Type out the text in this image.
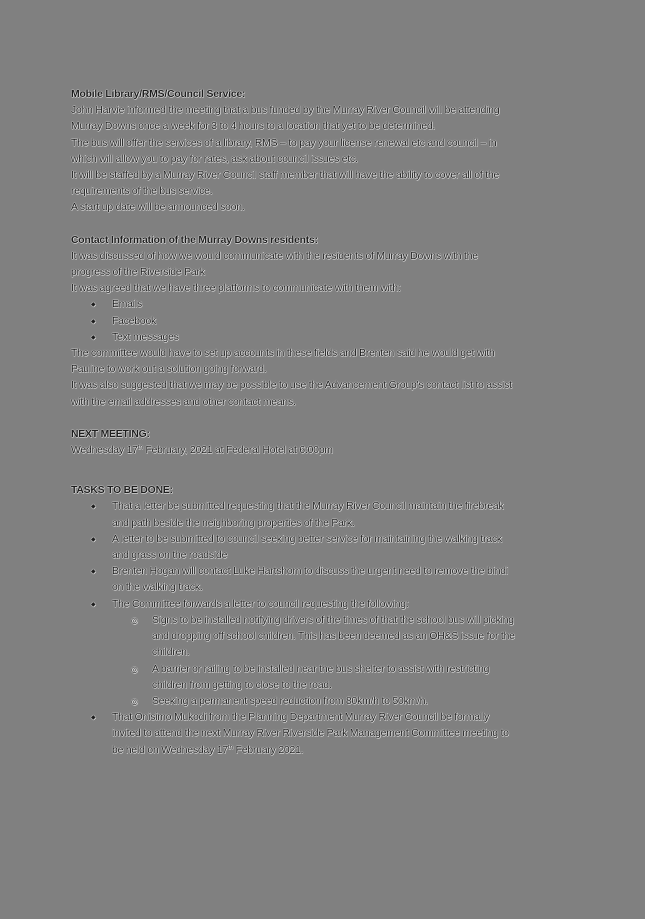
Mobile Library/RMS/Council Service:

John Harvie informed the meeting that a bus funded by the Murray River Council will be attending

Murray Downs once a week for 3 to 4 hours to a location that yet to be determined.

The bus will offer the services of a library, RMS – to pay your license renewal etc and council – in

which will allow you to pay for rates, ask about council issues etc.

It will be staffed by a Murray River Council staff member that will have the ability to cover all of the

requirements of the bus service.

A start up date will be announced soon.

Contact Information of the Murray Downs residents:

It was discussed of how we would communicate with the residents of Murray Downs with the

progress of the Riverside Park

It was agreed that we have three platforms to communicate with them with:

◆ Emails
◆ Facebook
◆ Text messages

The committee would have to set up accounts in these fields and Brenten said he would get with

Pauline to work out a solution going forward.

It was also suggested that we may be possible to use the Advancement Group's contact list to assist

with the email addresses and other contact means.

NEXT MEETING:

Wednesday 17th February, 2021 at Federal Hotel at 6:00pm

TASKS TO BE DONE:

◆ That a letter be submitted requesting that the Murray River Council maintain the firebreak
and path beside the neighboring properties of the Park.
◆ A letter to be submitted to council seeking better service for maintaining the walking track
and grass on the roadside
◆ Brenten Hogan will contact Luke Hartshorn to discuss the urgent need to remove the bindi
on the walking track.
◆ The Committee forwards a letter to council requesting the following:
◎ Signs to be installed notifying drivers of the times of that the school bus will picking
and dropping off school children. This has been deemed as an OH&S issue for the
children.
◎ A barrier or railing to be installed near the bus shelter to assist with restricting
children from getting to close to the road.
◎ Seeking a permanent speed reduction from 80km/h to 50km/h.
◆ That Onisimo Mukodi from the Planning Department Murray River Council be formally
invited to attend the next Murray River Riverside Park Management Committee meeting to
be held on Wednesday 17th February 2021.
